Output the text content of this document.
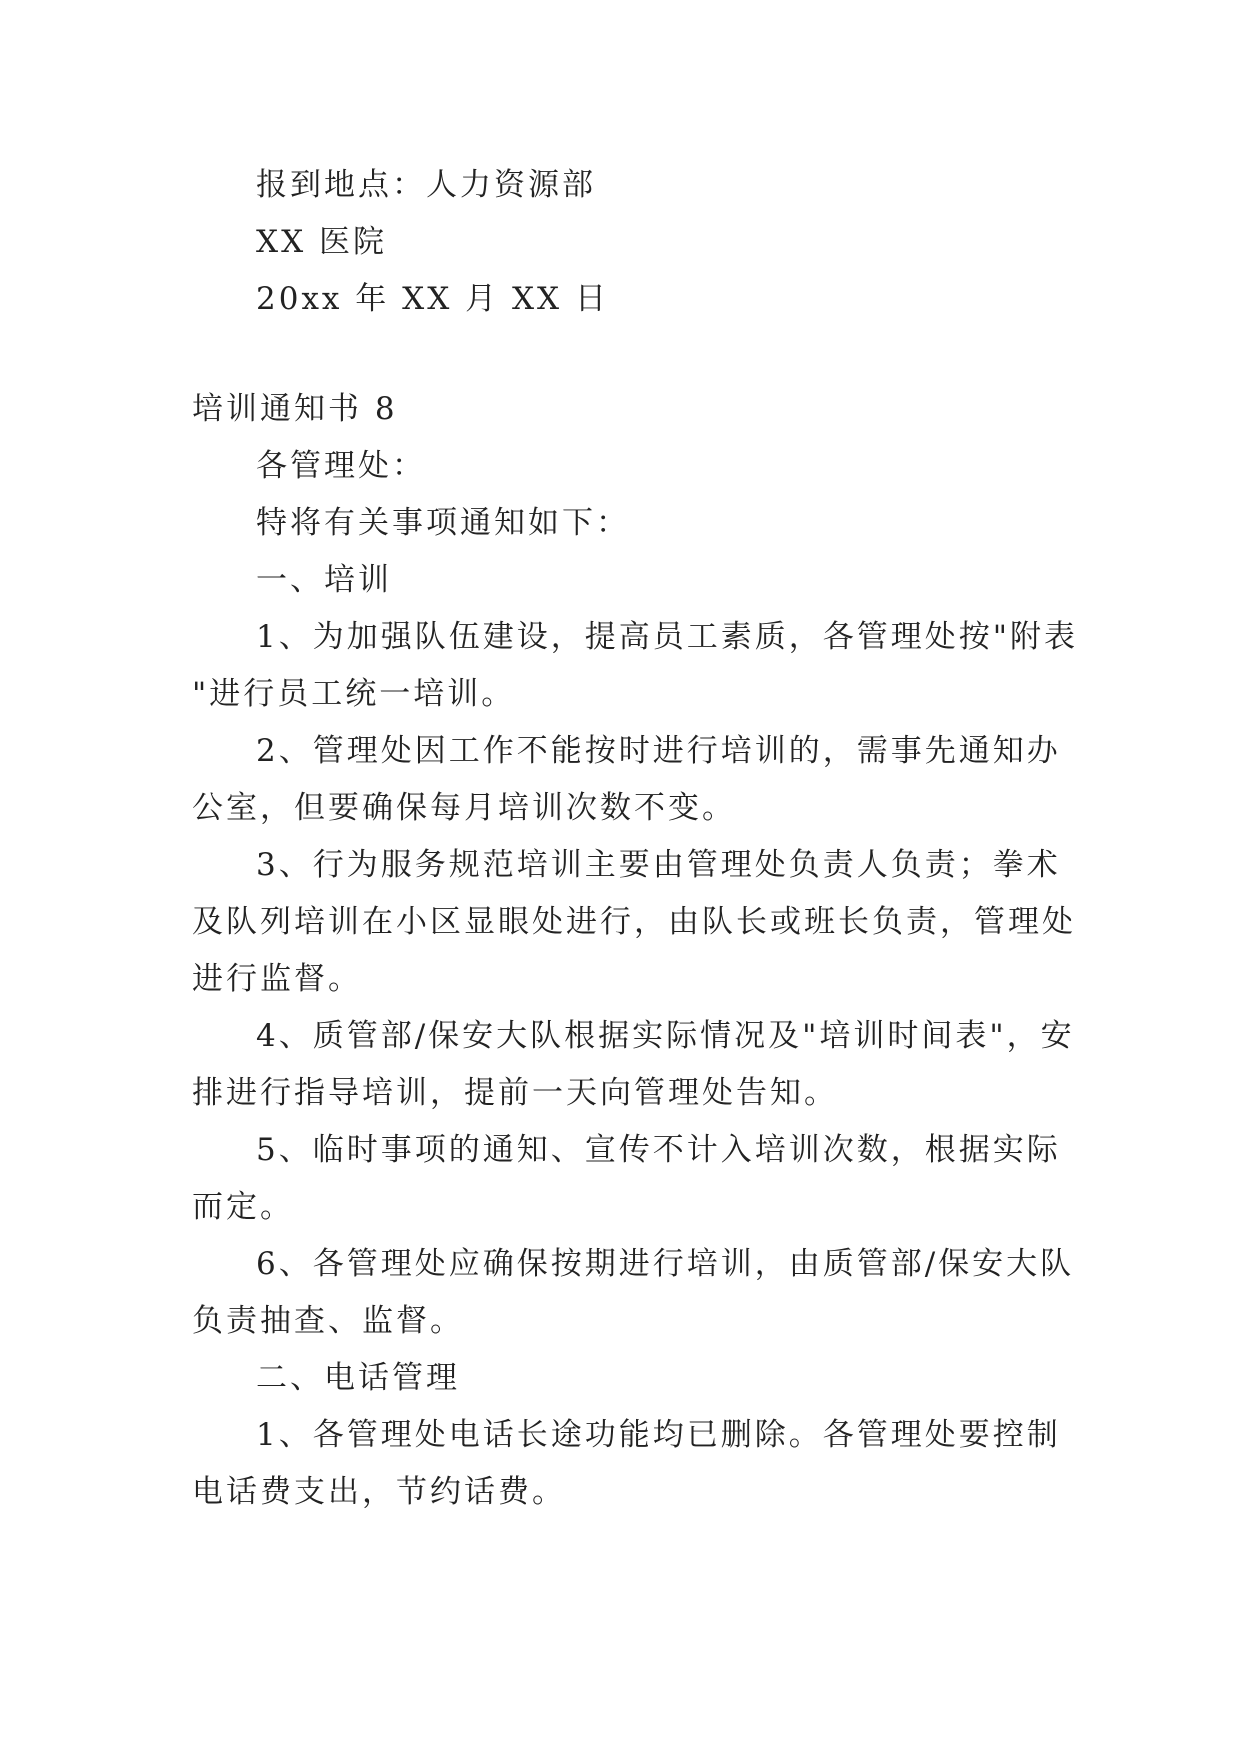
报到地点：人力资源部

XX 医院

20xx 年 XX 月 XX 日

培训通知书 8

各管理处：

特将有关事项通知如下：

一、培训

1、为加强队伍建设，提高员工素质，各管理处按"附表

"进行员工统一培训。

2、管理处因工作不能按时进行培训的，需事先通知办

公室，但要确保每月培训次数不变。

3、行为服务规范培训主要由管理处负责人负责；拳术

及队列培训在小区显眼处进行，由队长或班长负责，管理处

进行监督。

4、质管部/保安大队根据实际情况及"培训时间表"，安

排进行指导培训，提前一天向管理处告知。

5、临时事项的通知、宣传不计入培训次数，根据实际

而定。

6、各管理处应确保按期进行培训，由质管部/保安大队

负责抽查、监督。

二、电话管理

1、各管理处电话长途功能均已删除。各管理处要控制

电话费支出，节约话费。
